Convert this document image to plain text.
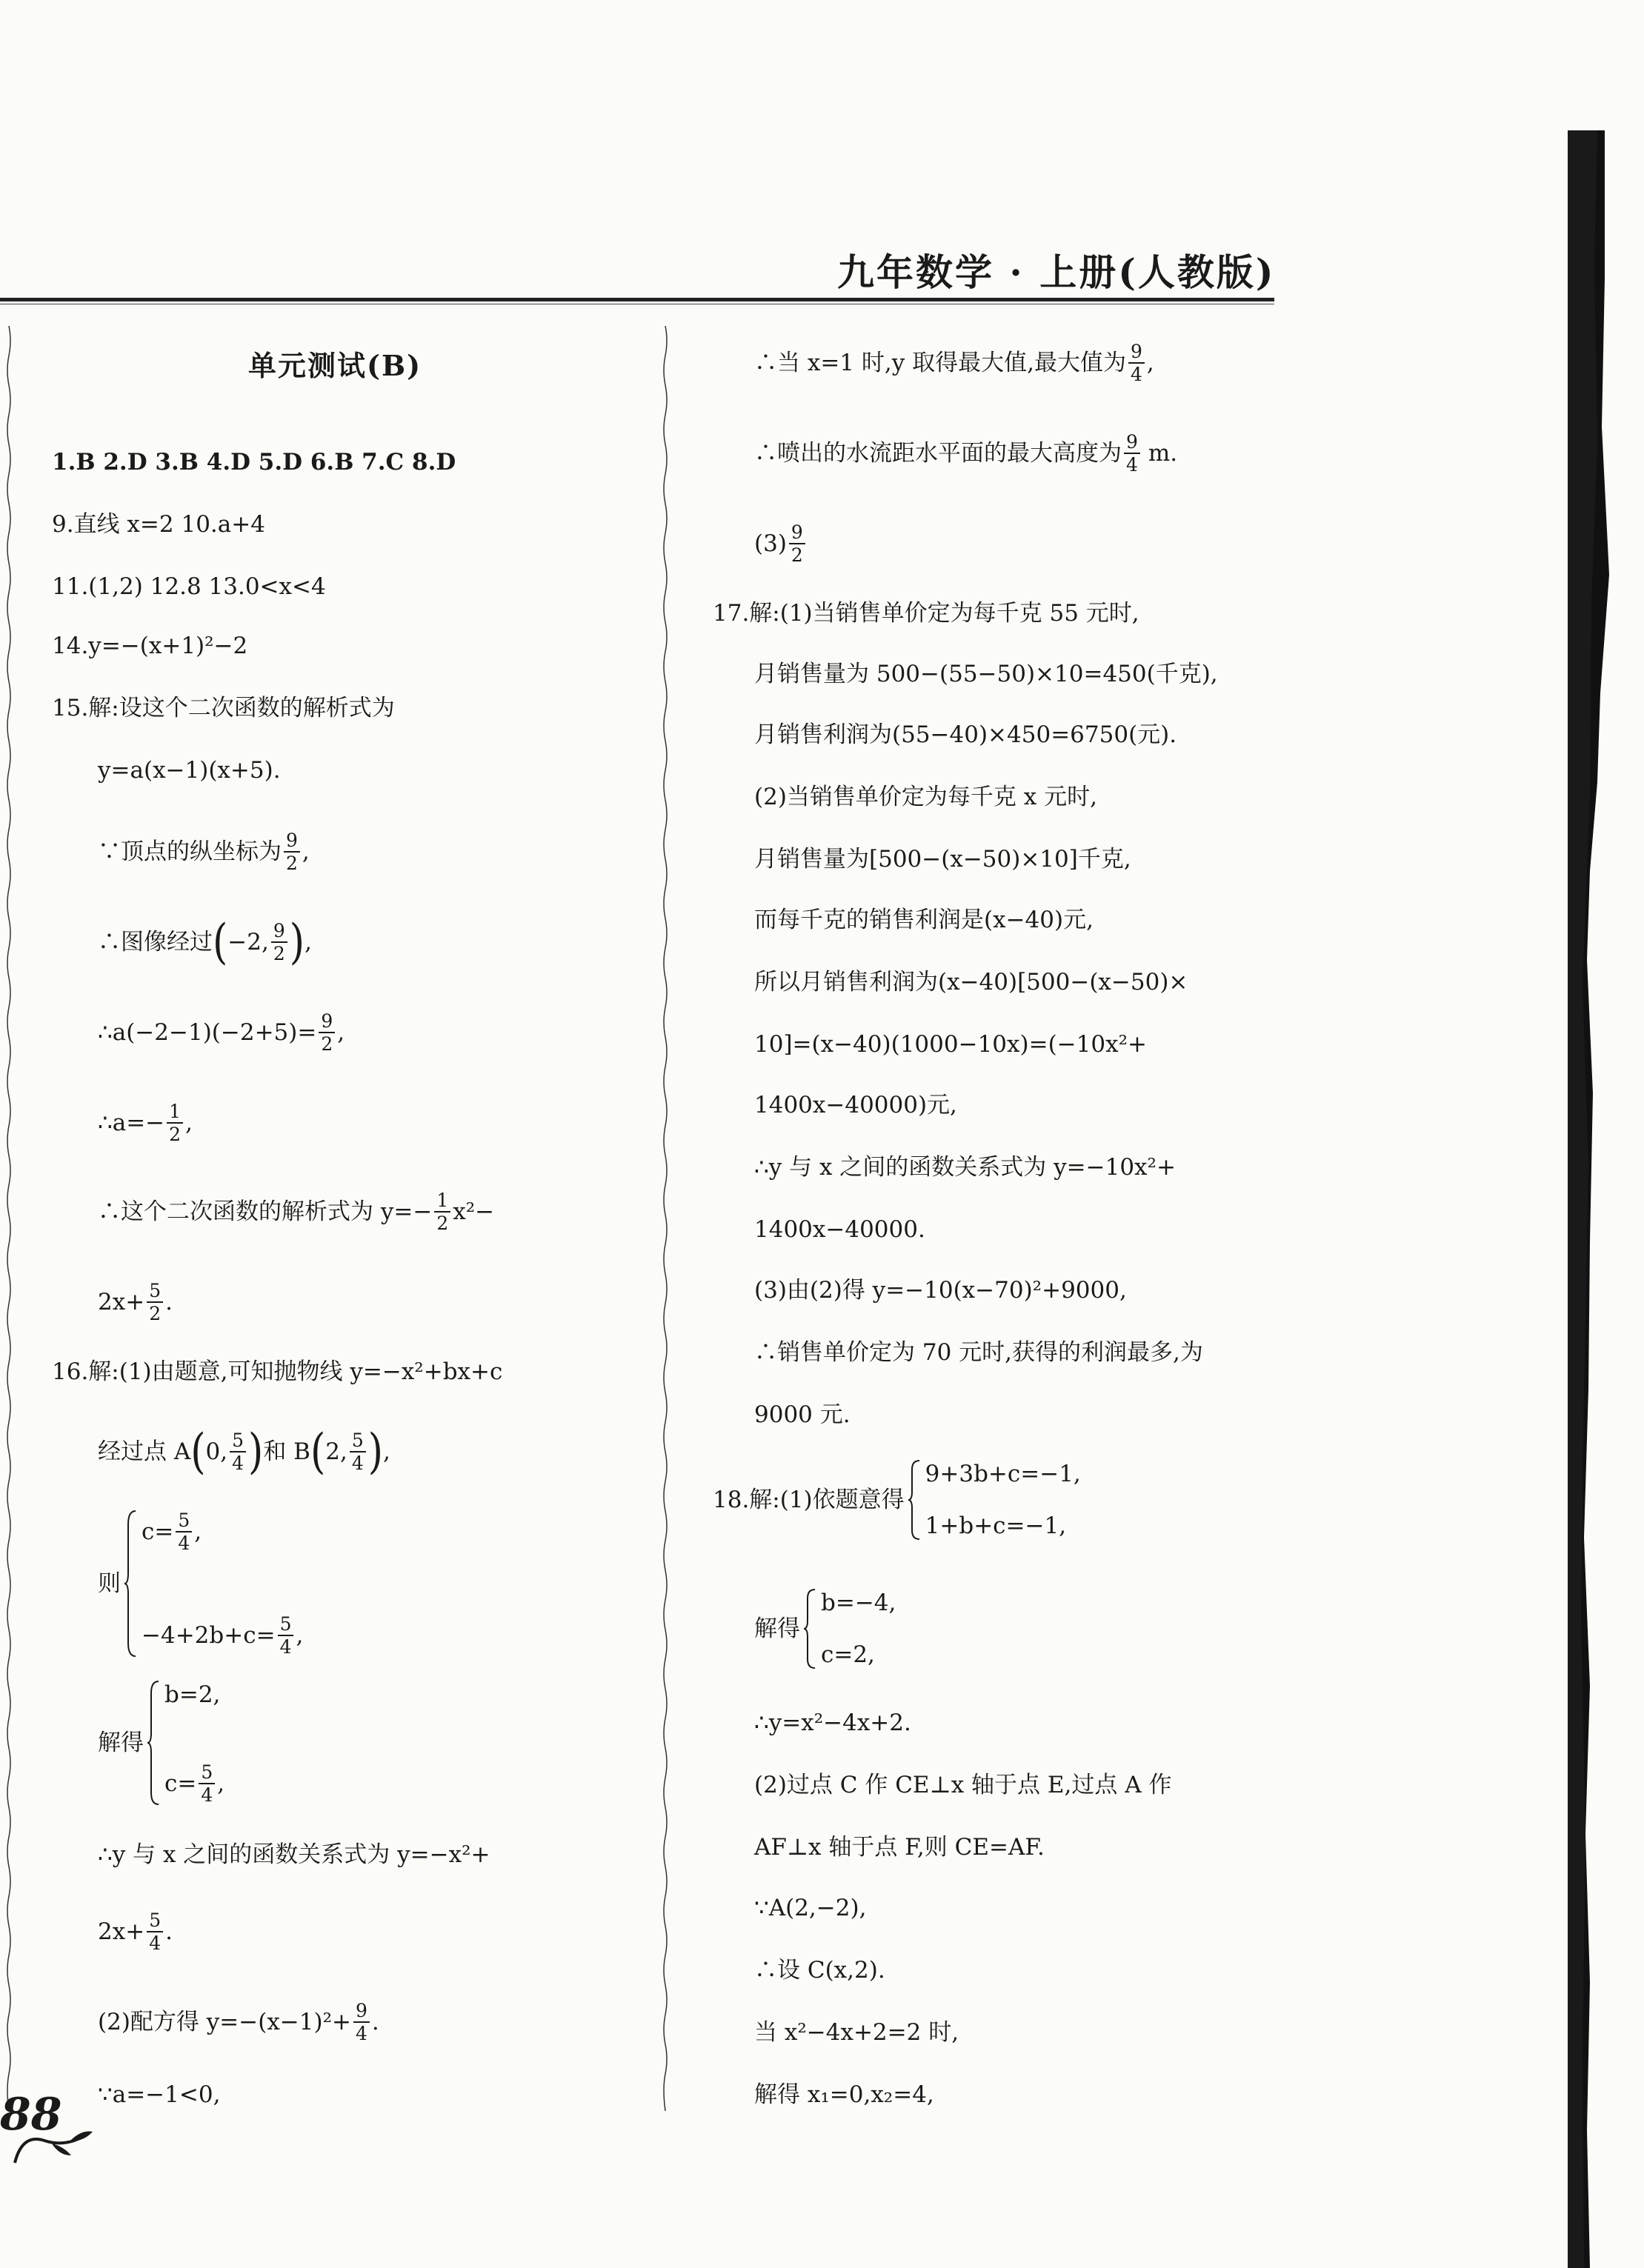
九年数学 · 上册(人教版)
单元测试(B)
1.B 2.D 3.B 4.D 5.D 6.B 7.C 8.D
9.直线 x=2 10.a+4
11.(1,2) 12.8 13.0<x<4
14.y=−(x+1)²−2
15.解:设这个二次函数的解析式为
y=a(x−1)(x+5).
∵顶点的纵坐标为 $\frac{9}{2}$ ,
∴图像经过 ( −2, $\frac{9}{2}$ ) ,
∴a(−2−1)(−2+5)= $\frac{9}{2}$ ,
∴a=− $\frac{1}{2}$ ,
∴这个二次函数的解析式为 $y=- \frac{1}{2} x^2-$
$2x+ \frac{5}{2}$ .
16.解:(1)由题意,可知抛物线 y=−x²+bx+c
经过点 A ( 0, $\frac{5}{4}$ ) 和 B ( 2, $\frac{5}{4}$ ) ,
则
$c= \frac{5}{4}$ ,
$-4+2b+c= \frac{5}{4}$ ,
解得
b=2,
$c= \frac{5}{4}$ ,
∴y 与 x 之间的函数关系式为 y=−x²+
$2x+ \frac{5}{4}$ .
(2)配方得 $y=-(x-1)^2+ \frac{9}{4}$ .
∵a=−1<0,
88
∴当 x=1 时,y 取得最大值,最大值为 $\frac{9}{4}$ ,
∴喷出的水流距水平面的最大高度为 $\frac{9}{4} m$.
$(3) \frac{9}{2}$
17.解:(1)当销售单价定为每千克 55 元时,
月销售量为 500−(55−50)×10=450(千克),
月销售利润为(55−40)×450=6750(元).
(2)当销售单价定为每千克 x 元时,
月销售量为[500−(x−50)×10]千克,
而每千克的销售利润是(x−40)元,
所以月销售利润为(x−40)[500−(x−50)×
10]=(x−40)(1000−10x)=(−10x²+
1400x−40000)元,
∴y 与 x 之间的函数关系式为 y=−10x²+
1400x−40000.
(3)由(2)得 y=−10(x−70)²+9000,
∴销售单价定为 70 元时,获得的利润最多,为
9000 元.
18.解:(1)依题意得
9+3b+c=−1,
1+b+c=−1,
解得
b=−4,
c=2,
∴y=x²−4x+2.
(2)过点 C 作 CE⊥x 轴于点 E,过点 A 作
AF⊥x 轴于点 F,则 CE=AF.
∵A(2,−2),
∴设 C(x,2).
当 x²−4x+2=2 时,
解得 x₁=0,x₂=4,
